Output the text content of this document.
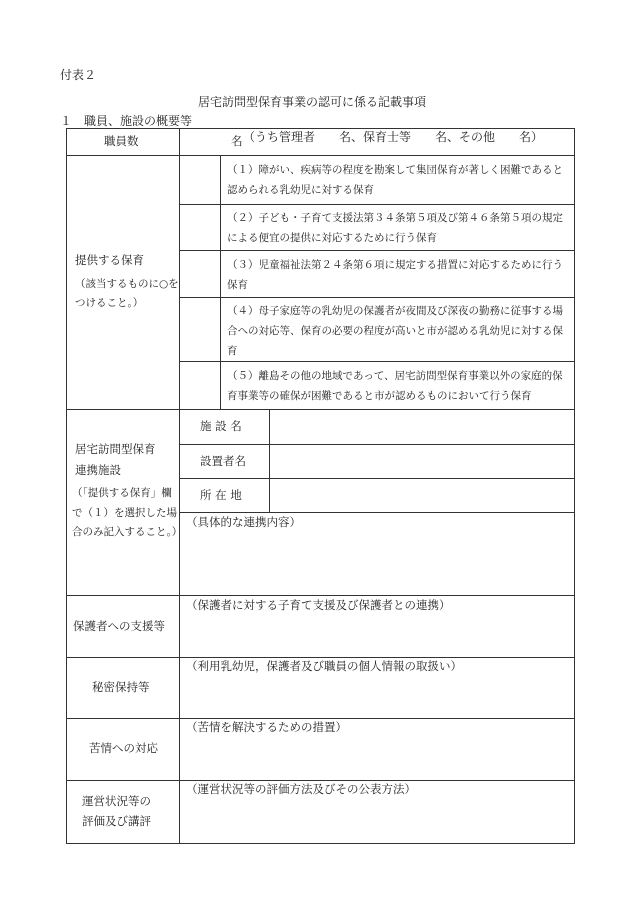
付表２
居宅訪問型保育事業の認可に係る記載事項
１　職員、施設の概要等
職員数	名 （うち管理者　　名、保育士等　　名、その他　　名）
提供する保育
（該当するものに○をつけること。）
（１）障がい、疾病等の程度を勘案して集団保育が著しく困難であると認められる乳幼児に対する保育
（２）子ども・子育て支援法第３４条第５項及び第４６条第５項の規定による便宜の提供に対応するために行う保育
（３）児童福祉法第２４条第６項に規定する措置に対応するために行う保育
（４）母子家庭等の乳幼児の保護者が夜間及び深夜の勤務に従事する場合への対応等、保育の必要の程度が高いと市が認める乳幼児に対する保育
（５）離島その他の地域であって、居宅訪問型保育事業以外の家庭的保育事業等の確保が困難であると市が認めるものにおいて行う保育
居宅訪問型保育
連携施設
（「提供する保育」欄で（１）を選択した場合のみ記入すること。）
施 設 名
設置者名
所 在 地
（具体的な連携内容）
保護者への支援等
（保護者に対する子育て支援及び保護者との連携）
秘密保持等
（利用乳幼児，保護者及び職員の個人情報の取扱い）
苦情への対応
（苦情を解決するための措置）
運営状況等の
評価及び講評
（運営状況等の評価方法及びその公表方法）
